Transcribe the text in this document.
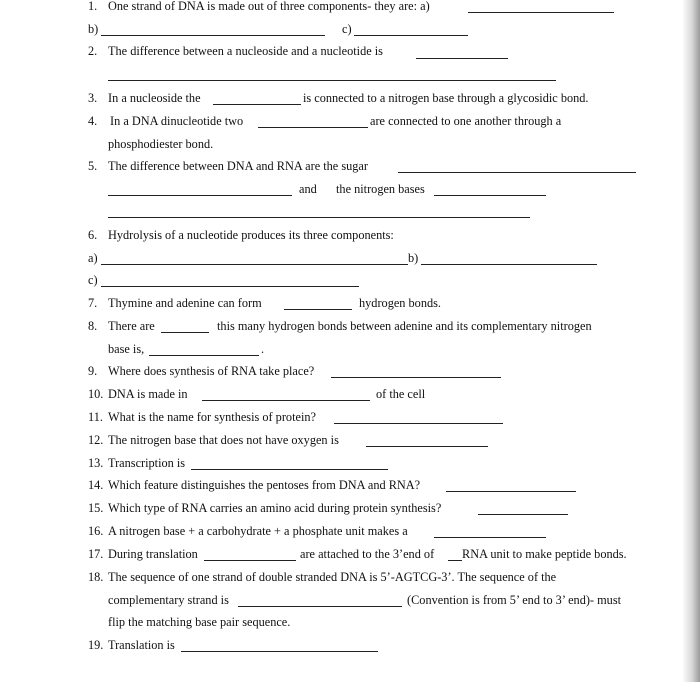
1. One strand of DNA is made out of three components- they are: a)
b)	c)
2. The difference between a nucleoside and a nucleotide is
3. In a nucleoside the	is connected to a nitrogen base through a glycosidic bond.
4. In a DNA dinucleotide two	are connected to one another through a
phosphodiester bond.
5. The difference between DNA and RNA are the sugar
and the nitrogen bases
6. Hydrolysis of a nucleotide produces its three components:
a)	b)
c)
7. Thymine and adenine can form	hydrogen bonds.
8. There are	this many hydrogen bonds between adenine and its complementary nitrogen
base is,	.
9. Where does synthesis of RNA take place?
10. DNA is made in	of the cell
11. What is the name for synthesis of protein?
12. The nitrogen base that does not have oxygen is
13. Transcription is
14. Which feature distinguishes the pentoses from DNA and RNA?
15. Which type of RNA carries an amino acid during protein synthesis?
16. A nitrogen base + a carbohydrate + a phosphate unit makes a
17. During translation	are attached to the 3’end of RNA unit to make peptide bonds.
18. The sequence of one strand of double stranded DNA is 5’-AGTCG-3’. The sequence of the
complementary strand is	(Convention is from 5’ end to 3’ end)- must
flip the matching base pair sequence.
19. Translation is
